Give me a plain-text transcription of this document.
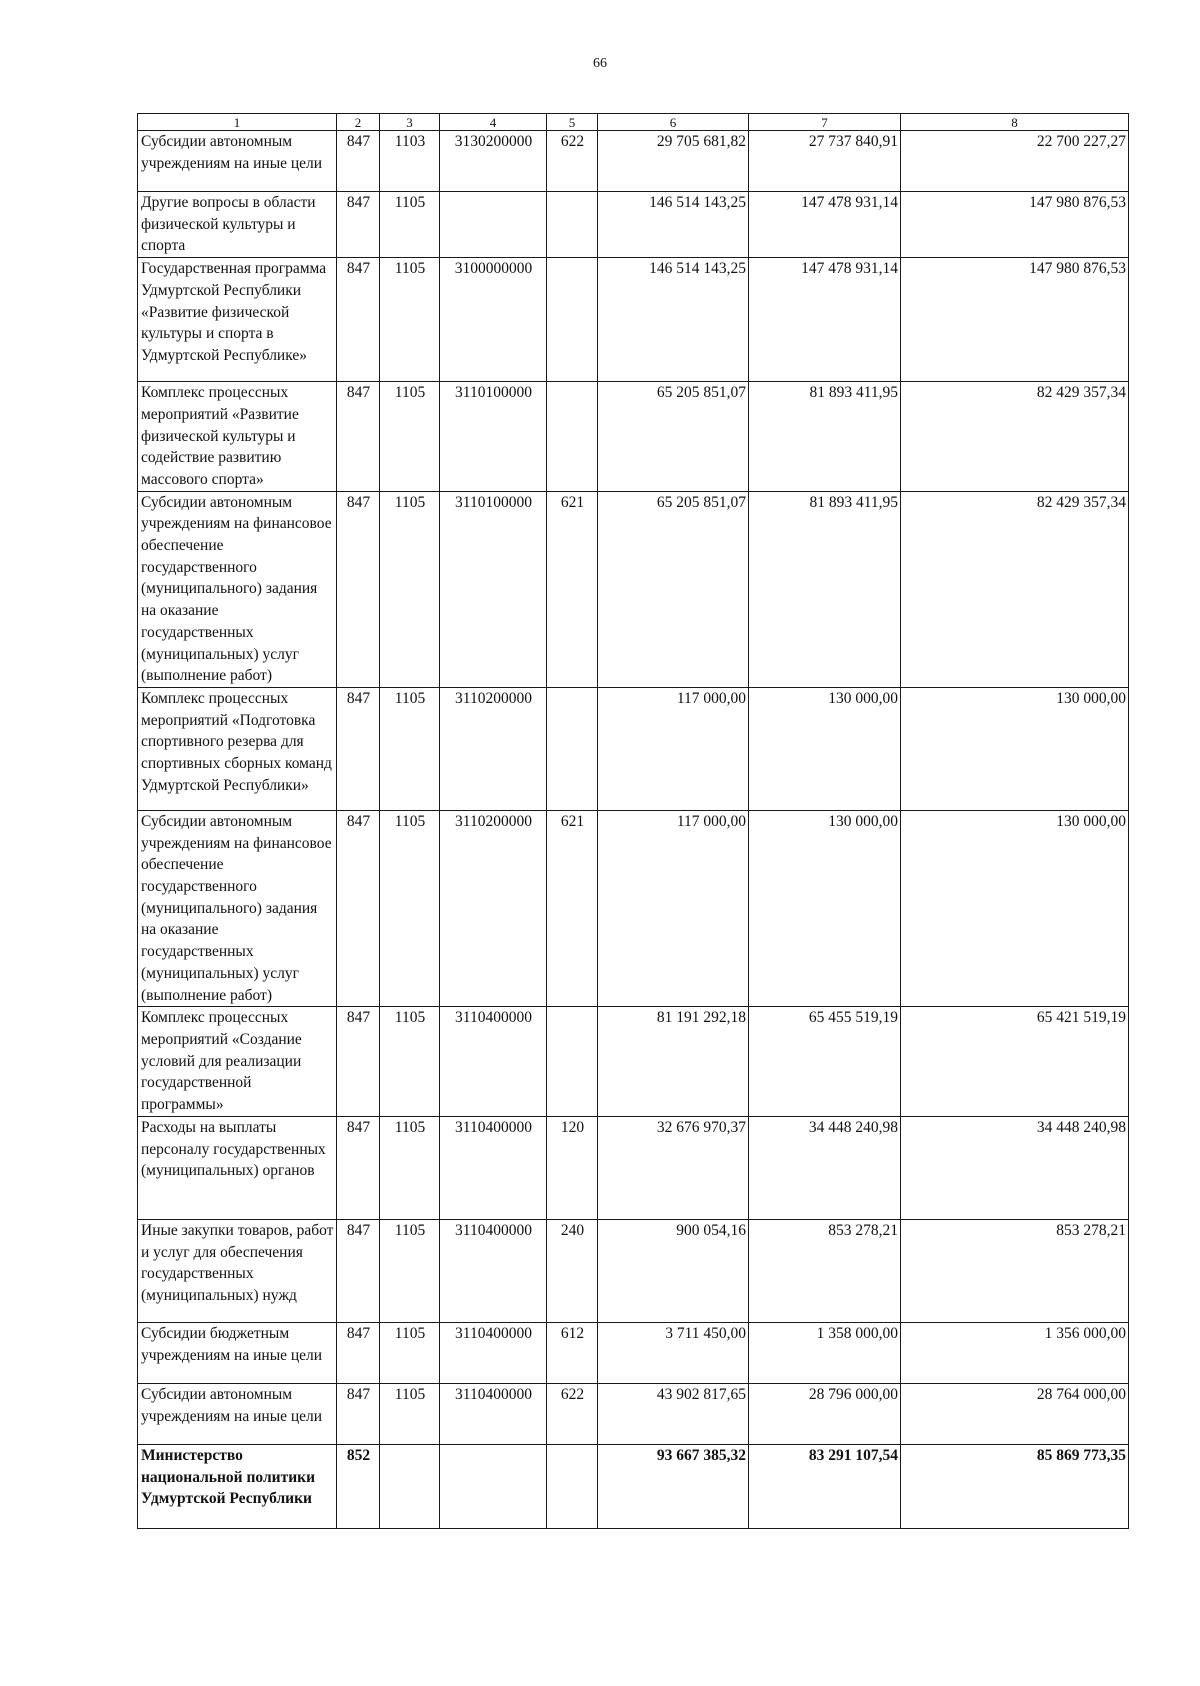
66
1	2	3	4	5	6	7	8
Субсидии автономным учреждениям на иные цели	847	1103	3130200000	622	29 705 681,82	27 737 840,91	22 700 227,27
Другие вопросы в области физической культуры и спорта	847	1105			146 514 143,25	147 478 931,14	147 980 876,53
Государственная программа Удмуртской Республики «Развитие физической культуры и спорта в Удмуртской Республике»	847	1105	3100000000		146 514 143,25	147 478 931,14	147 980 876,53
Комплекс процессных мероприятий «Развитие физической культуры и содействие развитию массового спорта»	847	1105	3110100000		65 205 851,07	81 893 411,95	82 429 357,34
Субсидии автономным учреждениям на финансовое обеспечение государственного (муниципального) задания на оказание государственных (муниципальных) услуг (выполнение работ)	847	1105	3110100000	621	65 205 851,07	81 893 411,95	82 429 357,34
Комплекс процессных мероприятий «Подготовка спортивного резерва для спортивных сборных команд Удмуртской Республики»	847	1105	3110200000		117 000,00	130 000,00	130 000,00
Субсидии автономным учреждениям на финансовое обеспечение государственного (муниципального) задания на оказание государственных (муниципальных) услуг (выполнение работ)	847	1105	3110200000	621	117 000,00	130 000,00	130 000,00
Комплекс процессных мероприятий «Создание условий для реализации государственной программы»	847	1105	3110400000		81 191 292,18	65 455 519,19	65 421 519,19
Расходы на выплаты персоналу государственных (муниципальных) органов	847	1105	3110400000	120	32 676 970,37	34 448 240,98	34 448 240,98
Иные закупки товаров, работ и услуг для обеспечения государственных (муниципальных) нужд	847	1105	3110400000	240	900 054,16	853 278,21	853 278,21
Субсидии бюджетным учреждениям на иные цели	847	1105	3110400000	612	3 711 450,00	1 358 000,00	1 356 000,00
Субсидии автономным учреждениям на иные цели	847	1105	3110400000	622	43 902 817,65	28 796 000,00	28 764 000,00
Министерство национальной политики Удмуртской Республики	852				93 667 385,32	83 291 107,54	85 869 773,35
